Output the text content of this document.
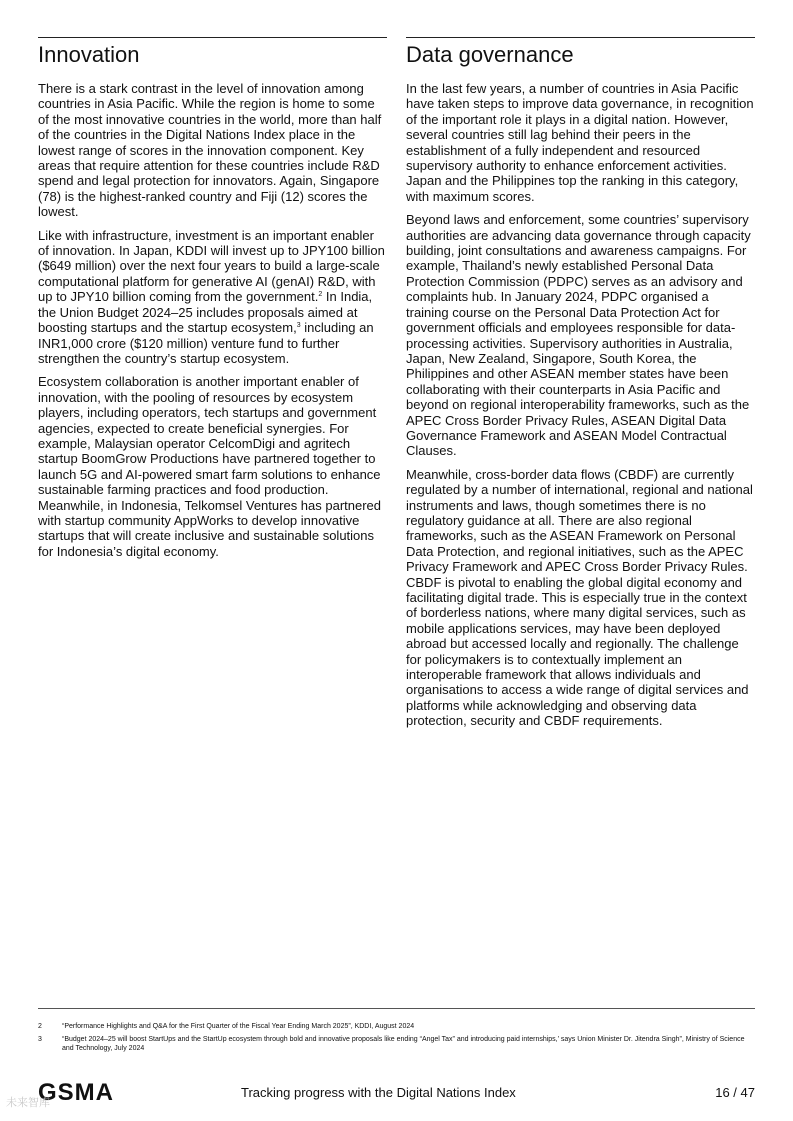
Innovation

There is a stark contrast in the level of innovation among countries in Asia Pacific. While the region is home to some of the most innovative countries in the world, more than half of the countries in the Digital Nations Index place in the lowest range of scores in the innovation component. Key areas that require attention for these countries include R&D spend and legal protection for innovators. Again, Singapore (78) is the highest-ranked country and Fiji (12) scores the lowest.

Like with infrastructure, investment is an important enabler of innovation. In Japan, KDDI will invest up to JPY100 billion ($649 million) over the next four years to build a large-scale computational platform for generative AI (genAI) R&D, with up to JPY10 billion coming from the government.$^2$ In India, the Union Budget 2024–25 includes proposals aimed at boosting startups and the startup ecosystem,$^3$ including an INR1,000 crore ($120 million) venture fund to further strengthen the country’s startup ecosystem.

Ecosystem collaboration is another important enabler of innovation, with the pooling of resources by ecosystem players, including operators, tech startups and government agencies, expected to create beneficial synergies. For example, Malaysian operator CelcomDigi and agritech startup BoomGrow Productions have partnered together to launch 5G and AI-powered smart farm solutions to enhance sustainable farming practices and food production. Meanwhile, in Indonesia, Telkomsel Ventures has partnered with startup community AppWorks to develop innovative startups that will create inclusive and sustainable solutions for Indonesia’s digital economy.

Data governance

In the last few years, a number of countries in Asia Pacific have taken steps to improve data governance, in recognition of the important role it plays in a digital nation. However, several countries still lag behind their peers in the establishment of a fully independent and resourced supervisory authority to enhance enforcement activities. Japan and the Philippines top the ranking in this category, with maximum scores.

Beyond laws and enforcement, some countries’ supervisory authorities are advancing data governance through capacity building, joint consultations and awareness campaigns. For example, Thailand’s newly established Personal Data Protection Commission (PDPC) serves as an advisory and complaints hub. In January 2024, PDPC organised a training course on the Personal Data Protection Act for government officials and employees responsible for data-processing activities. Supervisory authorities in Australia, Japan, New Zealand, Singapore, South Korea, the Philippines and other ASEAN member states have been collaborating with their counterparts in Asia Pacific and beyond on regional interoperability frameworks, such as the APEC Cross Border Privacy Rules, ASEAN Digital Data Governance Framework and ASEAN Model Contractual Clauses.

Meanwhile, cross-border data flows (CBDF) are currently regulated by a number of international, regional and national instruments and laws, though sometimes there is no regulatory guidance at all. There are also regional frameworks, such as the ASEAN Framework on Personal Data Protection, and regional initiatives, such as the APEC Privacy Framework and APEC Cross Border Privacy Rules. CBDF is pivotal to enabling the global digital economy and facilitating digital trade. This is especially true in the context of borderless nations, where many digital services, such as mobile applications services, may have been deployed abroad but accessed locally and regionally. The challenge for policymakers is to contextually implement an interoperable framework that allows individuals and organisations to access a wide range of digital services and platforms while acknowledging and observing data protection, security and CBDF requirements.

2	“Performance Highlights and Q&A for the First Quarter of the Fiscal Year Ending March 2025”, KDDI, August 2024
3	“Budget 2024–25 will boost StartUps and the StartUp ecosystem through bold and innovative proposals like ending “Angel Tax” and introducing paid internships,’ says Union Minister Dr. Jitendra Singh”, Ministry of Science and Technology, July 2024
GSMA	Tracking progress with the Digital Nations Index	16 / 47
未来智库
